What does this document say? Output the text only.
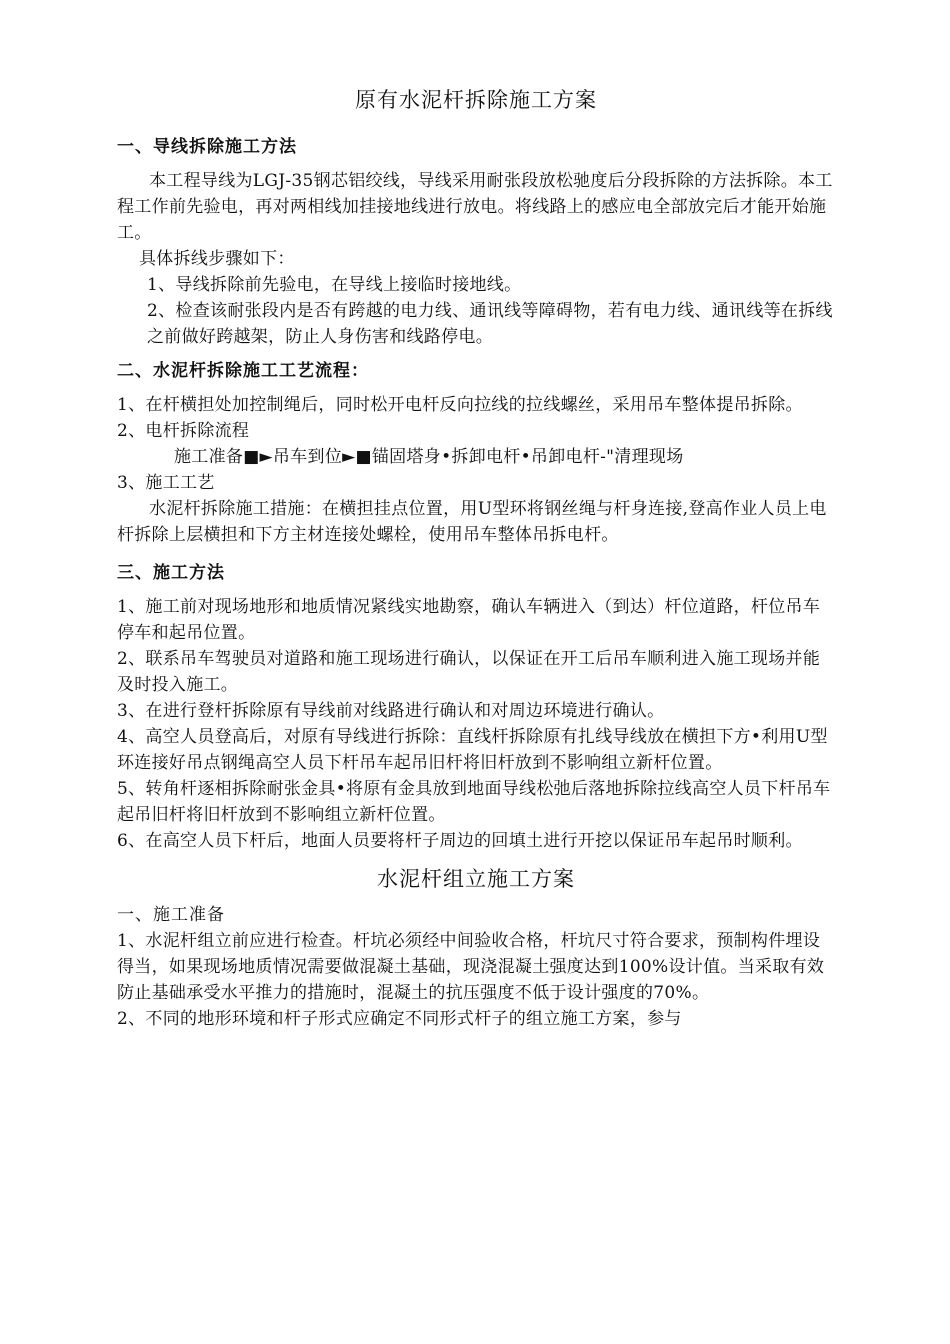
原有水泥杆拆除施工方案
一、导线拆除施工方法

本工程导线为LGJ-35钢芯铝绞线，导线采用耐张段放松驰度后分段拆除的方法拆除。本工程工作前先验电，再对两相线加挂接地线进行放电。将线路上的感应电全部放完后才能开始施工。

具体拆线步骤如下：

1、导线拆除前先验电，在导线上接临时接地线。

2、检查该耐张段内是否有跨越的电力线、通讯线等障碍物，若有电力线、通讯线等在拆线之前做好跨越架，防止人身伤害和线路停电。

二、水泥杆拆除施工工艺流程：

1、在杆横担处加控制绳后，同时松开电杆反向拉线的拉线螺丝，采用吊车整体提吊拆除。

2、电杆拆除流程

施工准备■►吊车到位►■锚固塔身•拆卸电杆•吊卸电杆-"清理现场

3、施工工艺

水泥杆拆除施工措施：在横担挂点位置，用U型环将钢丝绳与杆身连接,登高作业人员上电杆拆除上层横担和下方主材连接处螺栓，使用吊车整体吊拆电杆。

三、施工方法

1、施工前对现场地形和地质情况紧线实地勘察，确认车辆进入（到达）杆位道路，杆位吊车停车和起吊位置。

2、联系吊车驾驶员对道路和施工现场进行确认，以保证在开工后吊车顺利进入施工现场并能及时投入施工。

3、在进行登杆拆除原有导线前对线路进行确认和对周边环境进行确认。

4、高空人员登高后，对原有导线进行拆除：直线杆拆除原有扎线导线放在横担下方•利用U型环连接好吊点钢绳高空人员下杆吊车起吊旧杆将旧杆放到不影响组立新杆位置。

5、转角杆逐相拆除耐张金具•将原有金具放到地面导线松弛后落地拆除拉线高空人员下杆吊车起吊旧杆将旧杆放到不影响组立新杆位置。

6、在高空人员下杆后，地面人员要将杆子周边的回填土进行开挖以保证吊车起吊时顺利。

水泥杆组立施工方案
一、施工准备

1、水泥杆组立前应进行检查。杆坑必须经中间验收合格，杆坑尺寸符合要求，预制构件埋设得当，如果现场地质情况需要做混凝土基础，现浇混凝土强度达到100%设计值。当采取有效防止基础承受水平推力的措施时，混凝土的抗压强度不低于设计强度的70%。

2、不同的地形环境和杆子形式应确定不同形式杆子的组立施工方案，参与
